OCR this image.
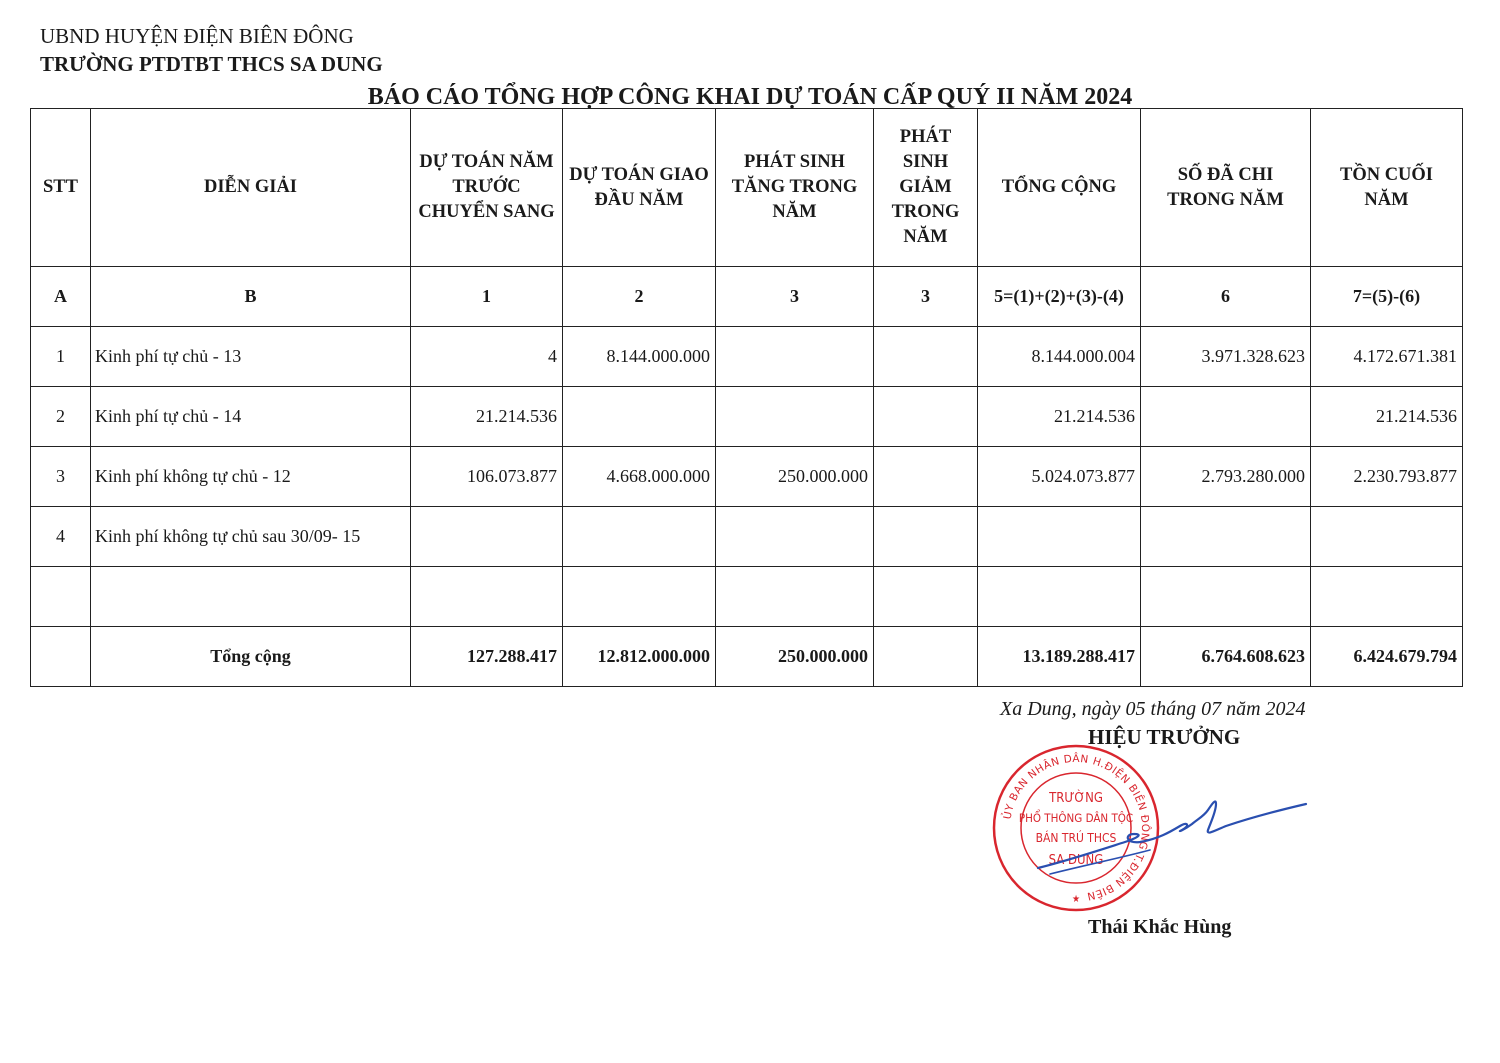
UBND HUYỆN ĐIỆN BIÊN ĐÔNG
TRƯỜNG PTDTBT THCS SA DUNG
BÁO CÁO TỔNG HỢP CÔNG KHAI DỰ TOÁN CẤP QUÝ II NĂM 2024
STT	DIỄN GIẢI	DỰ TOÁN NĂM TRƯỚC CHUYỂN SANG	DỰ TOÁN GIAO ĐẦU NĂM	PHÁT SINH TĂNG TRONG NĂM	PHÁT SINH GIẢM TRONG NĂM	TỔNG CỘNG	SỐ ĐÃ CHI TRONG NĂM	TỒN CUỐI NĂM
A	B	1	2	3	3	5=(1)+(2)+(3)-(4)	6	7=(5)-(6)
1	Kinh phí tự chủ - 13	4	8.144.000.000			8.144.000.004	3.971.328.623	4.172.671.381
2	Kinh phí tự chủ - 14	21.214.536				21.214.536		21.214.536
3	Kinh phí không tự chủ - 12	106.073.877	4.668.000.000	250.000.000		5.024.073.877	2.793.280.000	2.230.793.877
4	Kinh phí không tự chủ sau 30/09- 15							

	Tổng cộng	127.288.417	12.812.000.000	250.000.000		13.189.288.417	6.764.608.623	6.424.679.794
Xa Dung, ngày 05 tháng 07 năm 2024
HIỆU TRƯỞNG
ỦY BAN NHÂN DÂN H.ĐIỆN BIÊN ĐÔNG T.ĐIỆN BIÊN
TRƯỜNG
PHỔ THÔNG DÂN TỘC
BÁN TRÚ THCS
SA DUNG
★
Thái Khắc Hùng
